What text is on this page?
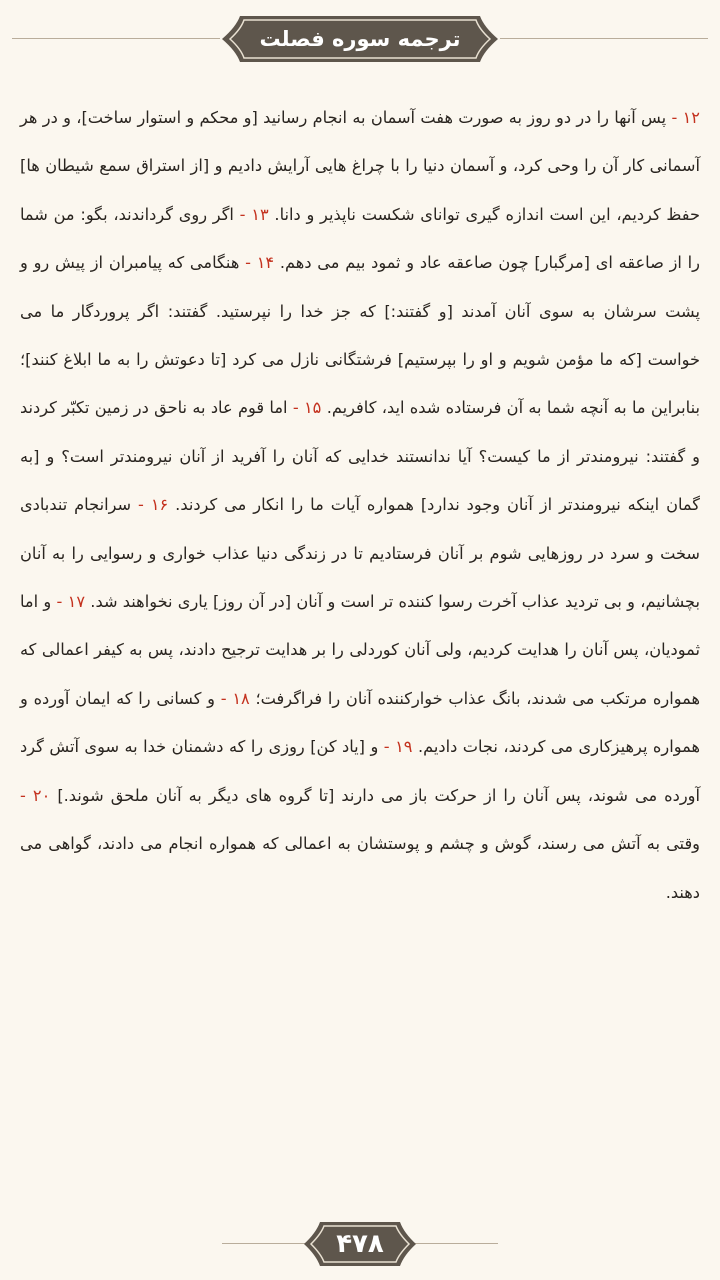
ترجمه سوره فصلت
۱۲ - پس آنها را در دو روز به صورت هفت آسمان به انجام رسانید [و محکم و استوار ساخت]، و در هر آسمانی کار آن را وحی کرد، و آسمان دنیا را با چراغ هایی آرایش دادیم و [از استراق سمع شیطان ها] حفظ کردیم، این است اندازه گیری توانای شکست ناپذیر و دانا. ۱۳ - اگر روی گرداندند، بگو: من شما را از صاعقه ای [مرگبار] چون صاعقه عاد و ثمود بیم می دهم. ۱۴ - هنگامی که پیامبران از پیش رو و پشت سرشان به سوی آنان آمدند [و گفتند:] که جز خدا را نپرستید. گفتند: اگر پروردگار ما می خواست [که ما مؤمن شویم و او را بپرستیم] فرشتگانی نازل می کرد [تا دعوتش را به ما ابلاغ کنند]؛ بنابراین ما به آنچه شما به آن فرستاده شده اید، کافریم. ۱۵ - اما قوم عاد به ناحق در زمین تکبّر کردند و گفتند: نیرومندتر از ما کیست؟ آیا ندانستند خدایی که آنان را آفرید از آنان نیرومندتر است؟ و [به گمان اینکه نیرومندتر از آنان وجود ندارد] همواره آیات ما را انکار می کردند. ۱۶ - سرانجام تندبادی سخت و سرد در روزهایی شوم بر آنان فرستادیم تا در زندگی دنیا عذاب خواری و رسوایی را به آنان بچشانیم، و بی تردید عذاب آخرت رسوا کننده تر است و آنان [در آن روز] یاری نخواهند شد. ۱۷ - و اما ثمودیان، پس آنان را هدایت کردیم، ولی آنان کوردلی را بر هدایت ترجیح دادند، پس به کیفر اعمالی که همواره مرتکب می شدند، بانگ عذاب خوارکننده آنان را فراگرفت؛ ۱۸ - و کسانی را که ایمان آورده و همواره پرهیزکاری می کردند، نجات دادیم. ۱۹ - و [یاد کن] روزی را که دشمنان خدا به سوی آتش گرد آورده می شوند، پس آنان را از حرکت باز می دارند [تا گروه های دیگر به آنان ملحق شوند.] ۲۰ - وقتی به آتش می رسند، گوش و چشم و پوستشان به اعمالی که همواره انجام می دادند، گواهی می دهند.
۴۷۸
